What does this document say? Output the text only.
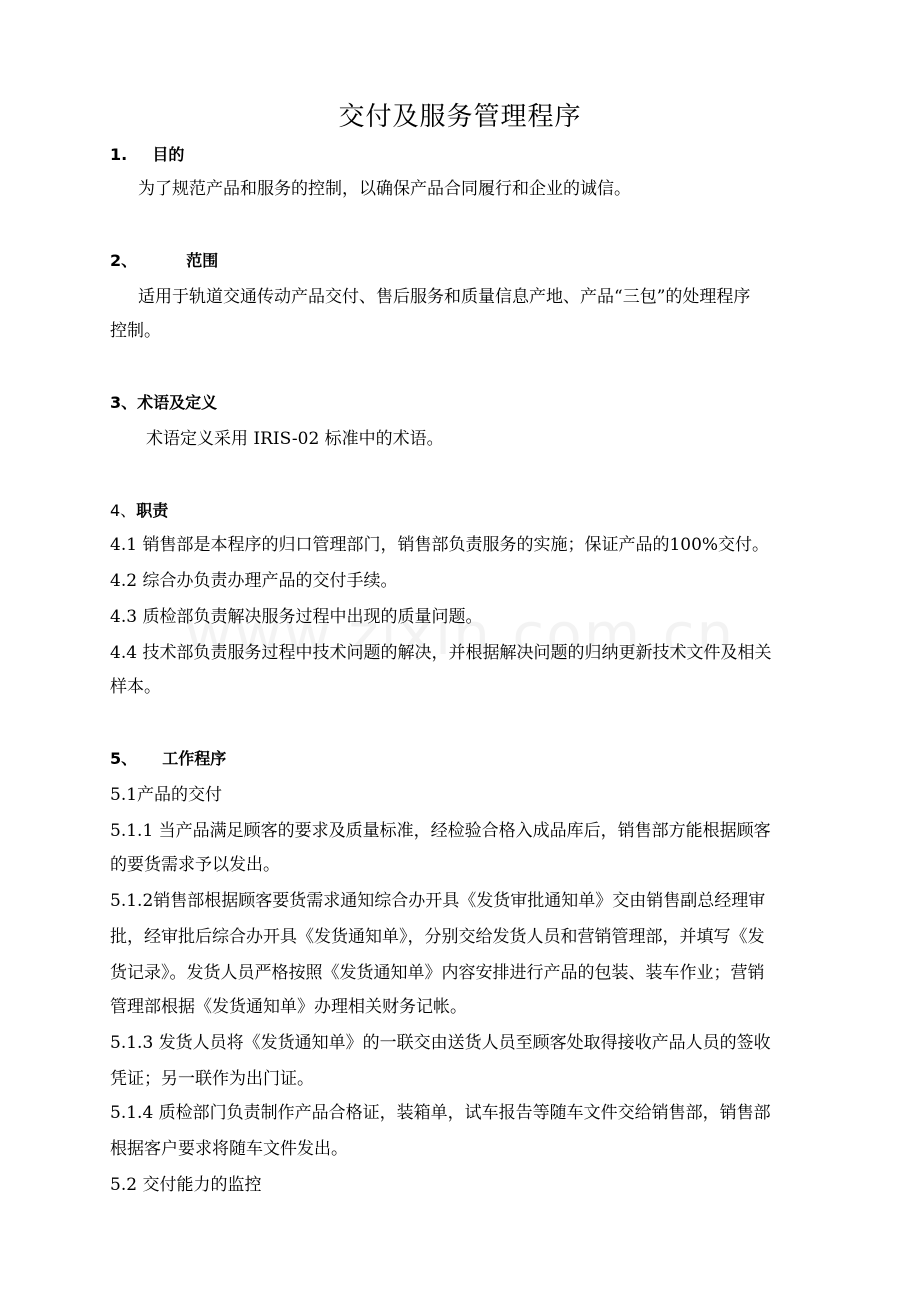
交付及服务管理程序
1. 目的
为了规范产品和服务的控制，以确保产品合同履行和企业的诚信。
2、	范围
适用于轨道交通传动产品交付、售后服务和质量信息产地、产品“三包”的处理程序
控制。
3、术语及定义
术语定义采用 IRIS-02 标准中的术语。
4、职责
4.1 销售部是本程序的归口管理部门，销售部负责服务的实施；保证产品的100%交付。
4.2 综合办负责办理产品的交付手续。
4.3 质检部负责解决服务过程中出现的质量问题。
4.4 技术部负责服务过程中技术问题的解决，并根据解决问题的归纳更新技术文件及相关
样本。
5、 工作程序
5.1产品的交付
5.1.1 当产品满足顾客的要求及质量标准，经检验合格入成品库后，销售部方能根据顾客
的要货需求予以发出。
5.1.2销售部根据顾客要货需求通知综合办开具《发货审批通知单》交由销售副总经理审
批，经审批后综合办开具《发货通知单》，分别交给发货人员和营销管理部，并填写《发
货记录》。发货人员严格按照《发货通知单》内容安排进行产品的包装、装车作业；营销
管理部根据《发货通知单》办理相关财务记帐。
5.1.3 发货人员将《发货通知单》的一联交由送货人员至顾客处取得接收产品人员的签收
凭证；另一联作为出门证。
5.1.4 质检部门负责制作产品合格证，装箱单，试车报告等随车文件交给销售部，销售部
根据客户要求将随车文件发出。
5.2 交付能力的监控
